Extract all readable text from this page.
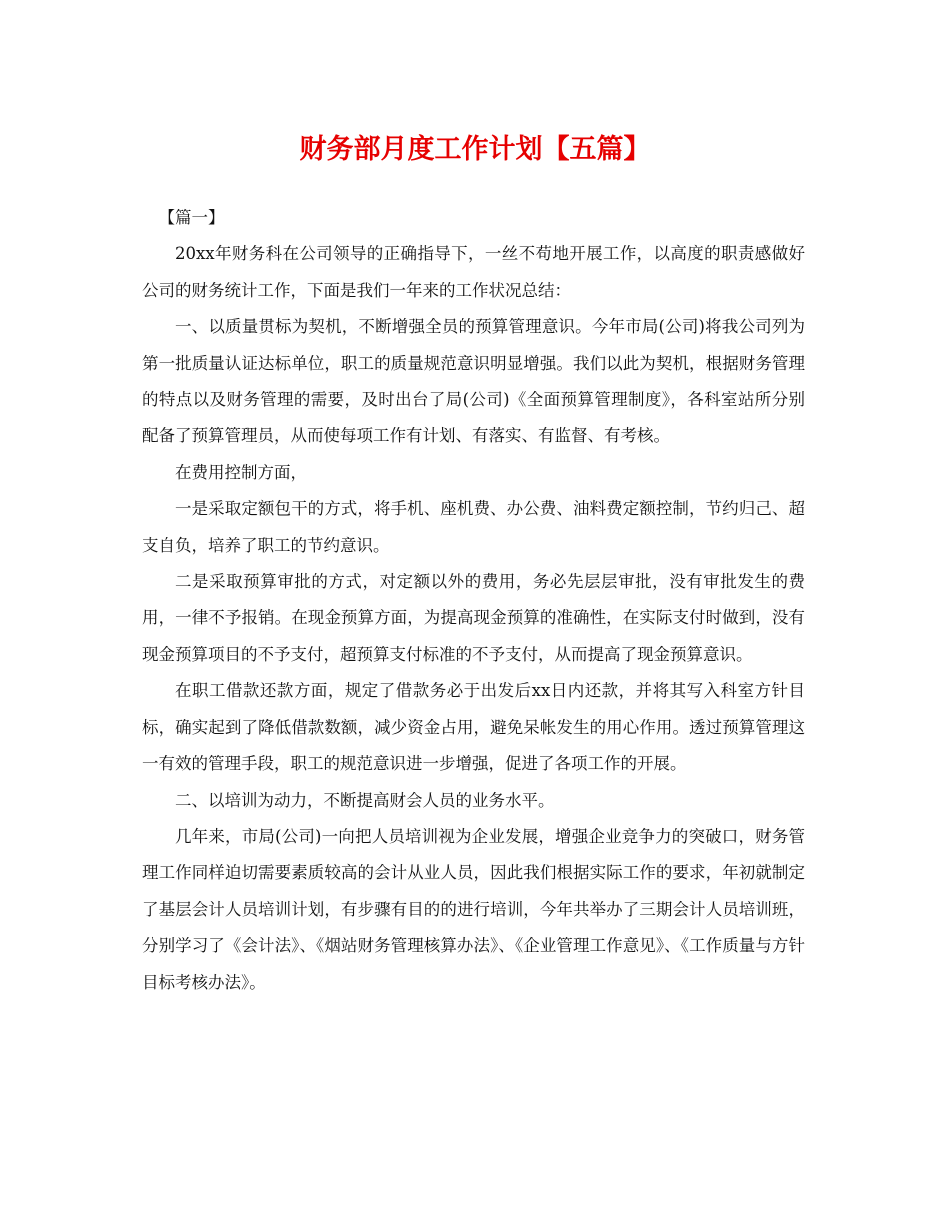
财务部月度工作计划【五篇】

【篇一】

20xx年财务科在公司领导的正确指导下，一丝不苟地开展工作，以高度的职责感做好公司的财务统计工作，下面是我们一年来的工作状况总结：

一、以质量贯标为契机，不断增强全员的预算管理意识。今年市局(公司)将我公司列为第一批质量认证达标单位，职工的质量规范意识明显增强。我们以此为契机，根据财务管理的特点以及财务管理的需要，及时出台了局(公司)《全面预算管理制度》，各科室站所分别配备了预算管理员，从而使每项工作有计划、有落实、有监督、有考核。

在费用控制方面，

一是采取定额包干的方式，将手机、座机费、办公费、油料费定额控制，节约归己、超支自负，培养了职工的节约意识。

二是采取预算审批的方式，对定额以外的费用，务必先层层审批，没有审批发生的费用，一律不予报销。在现金预算方面，为提高现金预算的准确性，在实际支付时做到，没有现金预算项目的不予支付，超预算支付标准的不予支付，从而提高了现金预算意识。

在职工借款还款方面，规定了借款务必于出发后xx日内还款，并将其写入科室方针目标，确实起到了降低借款数额，减少资金占用，避免呆帐发生的用心作用。透过预算管理这一有效的管理手段，职工的规范意识进一步增强，促进了各项工作的开展。

二、以培训为动力，不断提高财会人员的业务水平。

几年来，市局(公司)一向把人员培训视为企业发展，增强企业竞争力的突破口，财务管理工作同样迫切需要素质较高的会计从业人员，因此我们根据实际工作的要求，年初就制定了基层会计人员培训计划，有步骤有目的的进行培训，今年共举办了三期会计人员培训班，分别学习了《会计法》、《烟站财务管理核算办法》、《企业管理工作意见》、《工作质量与方针目标考核办法》。
